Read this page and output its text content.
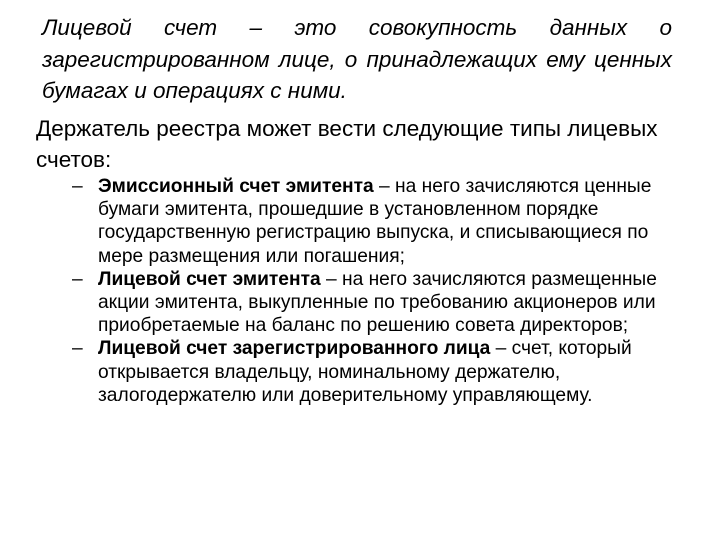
Лицевой счет – это совокупность данных о зарегистрированном лице, о принадлежащих ему ценных бумагах и операциях с ними.

Держатель реестра может вести следующие типы лицевых счетов:

– Эмиссионный счет эмитента – на него зачисляются ценные бумаги эмитента, прошедшие в установленном порядке государственную регистрацию выпуска, и списывающиеся по мере размещения или погашения;
– Лицевой счет эмитента – на него зачисляются размещенные акции эмитента, выкупленные по требованию акционеров или приобретаемые на баланс по решению совета директоров;
– Лицевой счет зарегистрированного лица – счет, который открывается владельцу, номинальному держателю, залогодержателю или доверительному управляющему.
